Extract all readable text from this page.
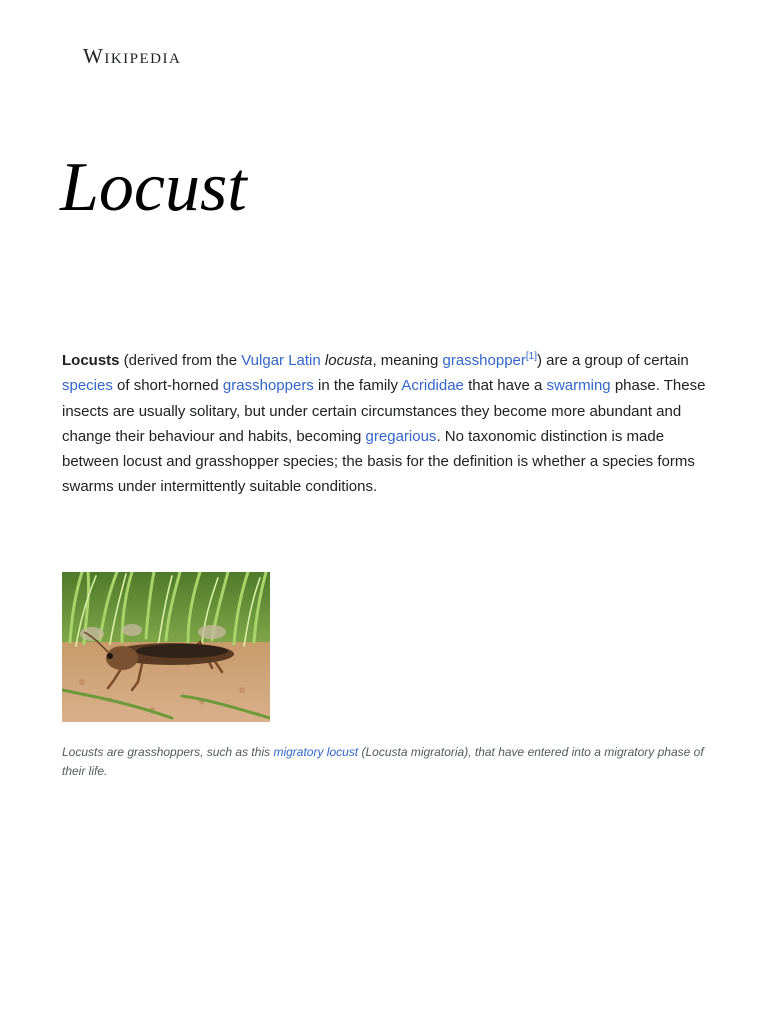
Wikipedia
Locust

Locusts (derived from the Vulgar Latin locusta, meaning grasshopper[1]) are a group of certain species of short-horned grasshoppers in the family Acrididae that have a swarming phase. These insects are usually solitary, but under certain circumstances they become more abundant and change their behaviour and habits, becoming gregarious. No taxonomic distinction is made between locust and grasshopper species; the basis for the definition is whether a species forms swarms under intermittently suitable conditions.

Locusts are grasshoppers, such as this migratory locust (Locusta migratoria), that have entered into a migratory phase of their life.
